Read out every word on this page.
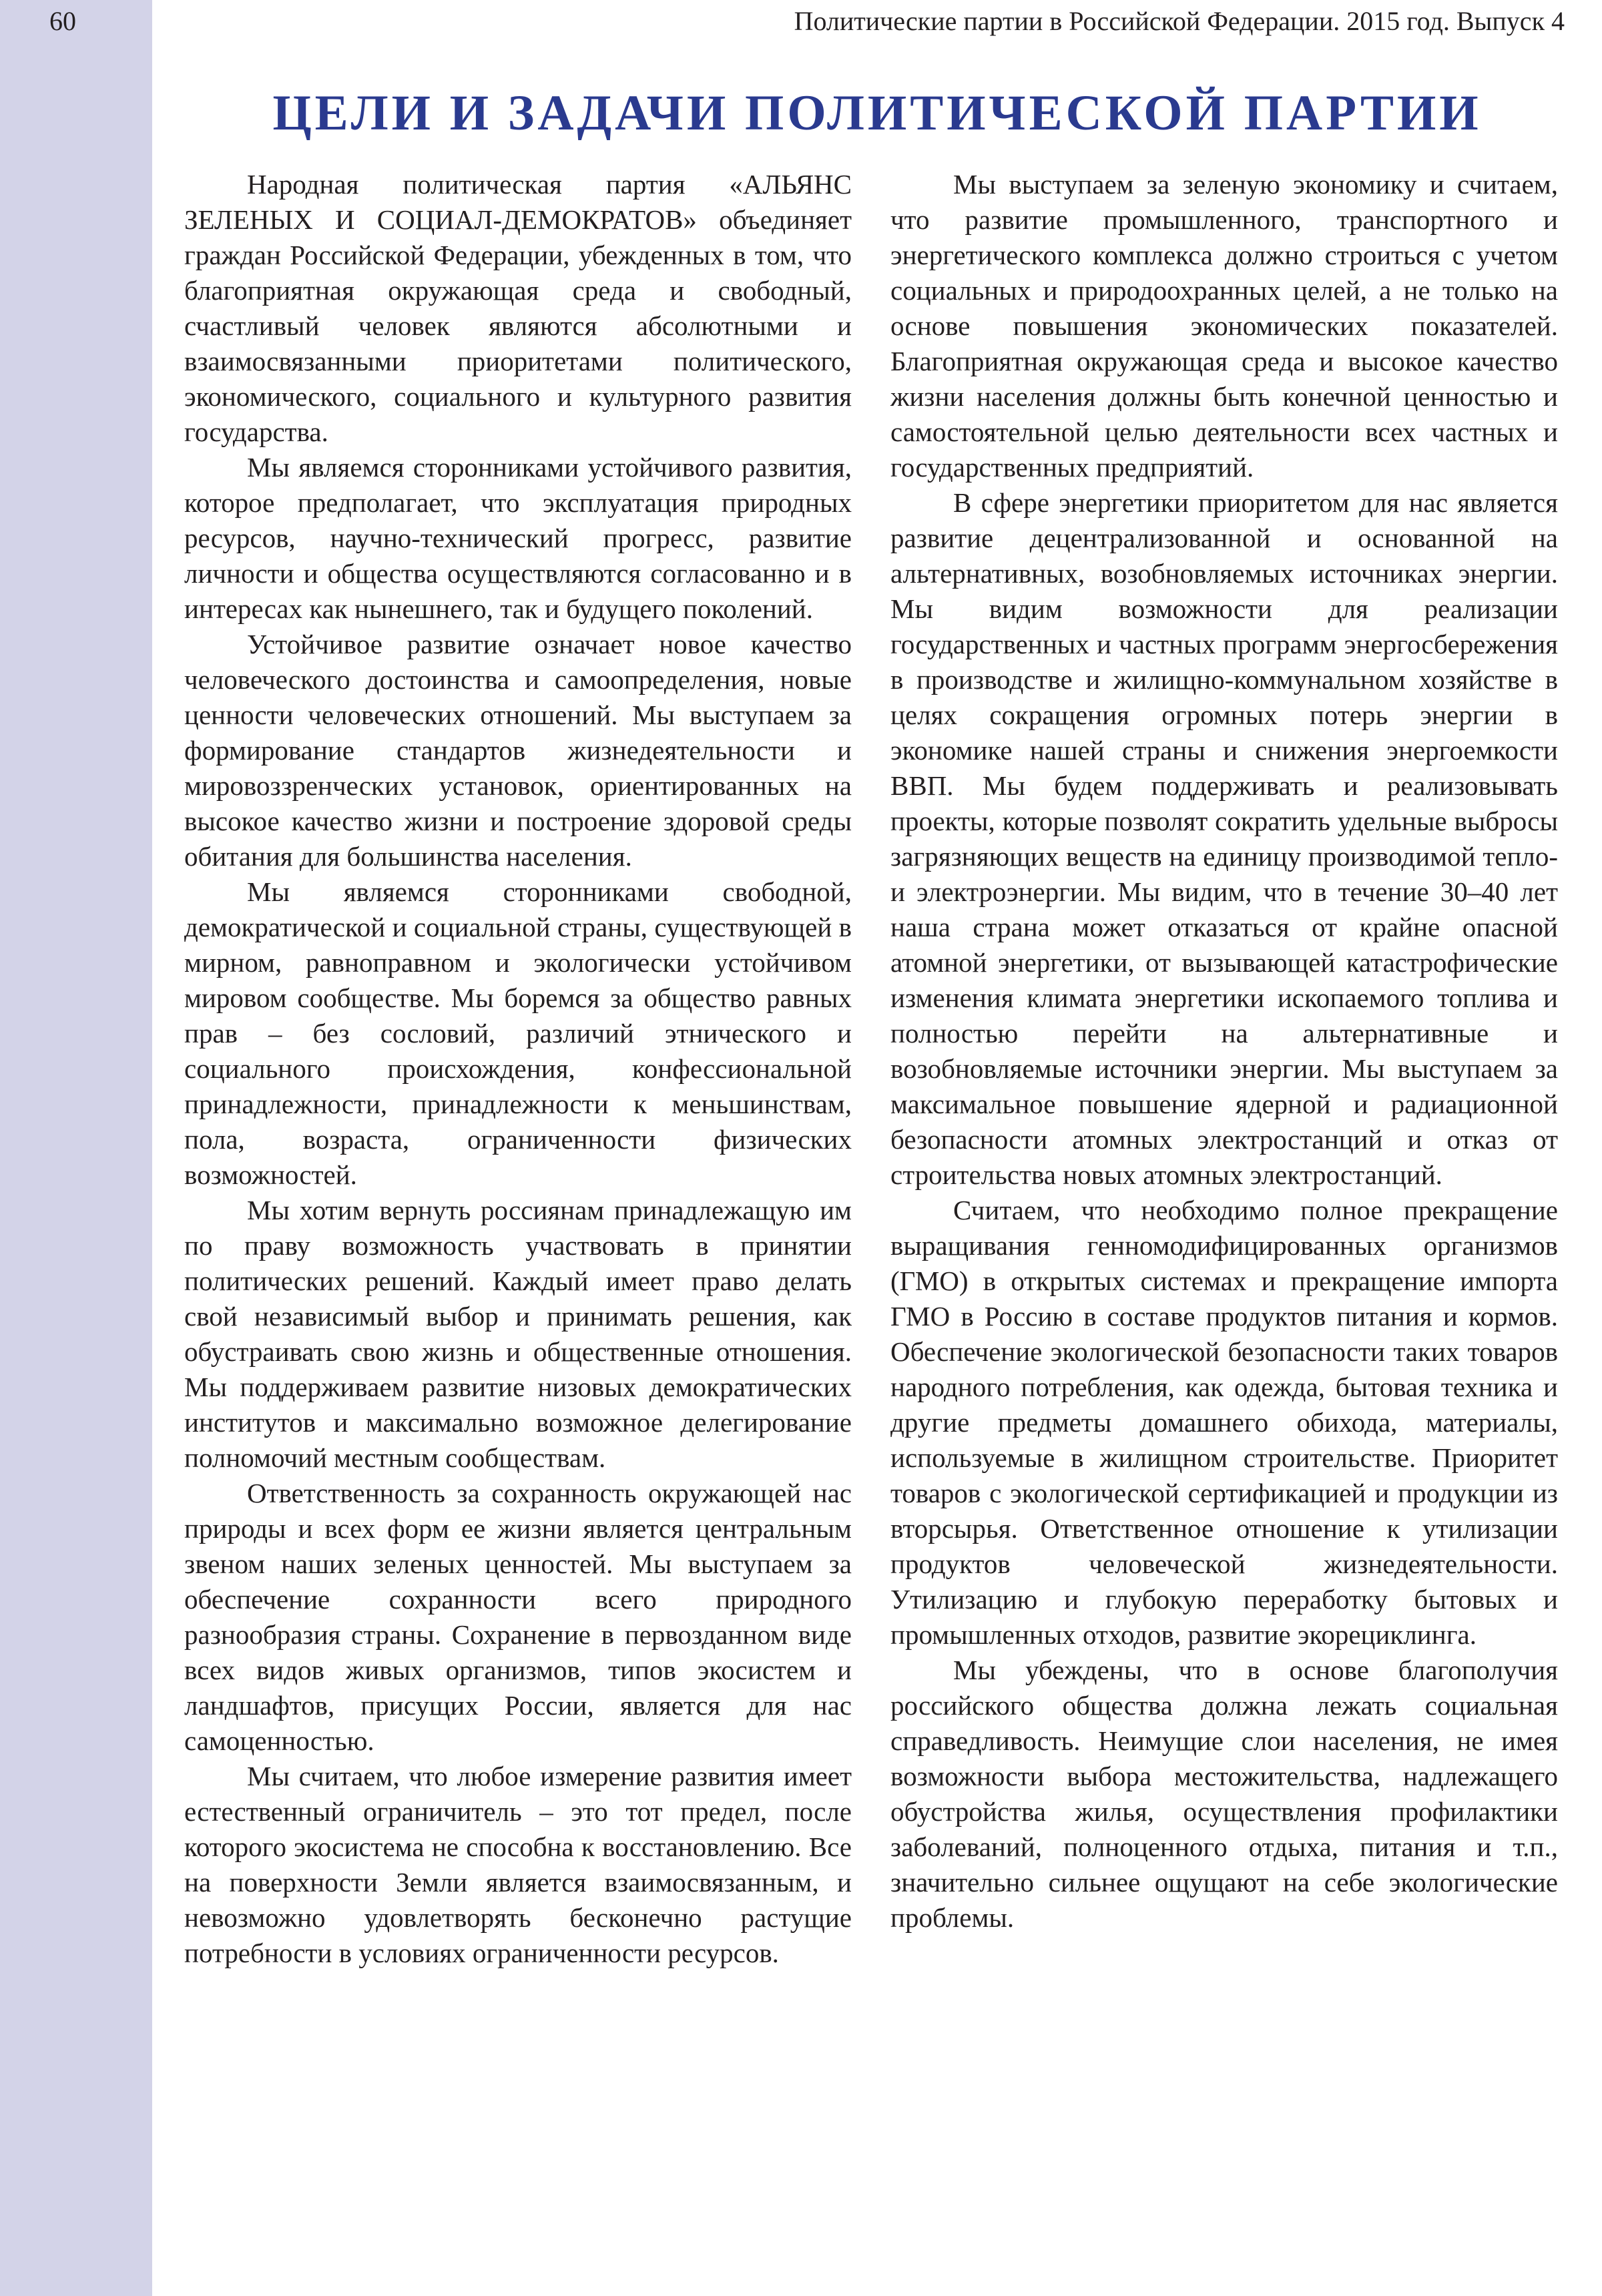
60	Политические партии в Российской Федерации. 2015 год. Выпуск 4
ЦЕЛИ И ЗАДАЧИ ПОЛИТИЧЕСКОЙ ПАРТИИ

Народная политическая партия «АЛЬЯНС ЗЕЛЕНЫХ И СОЦИАЛ-ДЕМОКРАТОВ» объединяет граждан Российской Федерации, убежденных в том, что благоприятная окружающая среда и свободный, счастливый человек являются абсолютными и взаимосвязанными приоритетами политического, экономического, социального и культурного развития государства.

Мы являемся сторонниками устойчивого развития, которое предполагает, что эксплуатация природных ресурсов, научно-технический прогресс, развитие личности и общества осуществляются согласованно и в интересах как нынешнего, так и будущего поколений.

Устойчивое развитие означает новое качество человеческого достоинства и самоопределения, новые ценности человеческих отношений. Мы выступаем за формирование стандартов жизнедеятельности и мировоззренческих установок, ориентированных на высокое качество жизни и построение здоровой среды обитания для большинства населения.

Мы являемся сторонниками свободной, демократической и социальной страны, существующей в мирном, равноправном и экологически устойчивом мировом сообществе. Мы боремся за общество равных прав – без сословий, различий этнического и социального происхождения, конфессиональной принадлежности, принадлежности к меньшинствам, пола, возраста, ограниченности физических возможностей.

Мы хотим вернуть россиянам принадлежащую им по праву возможность участвовать в принятии политических решений. Каждый имеет право делать свой независимый выбор и принимать решения, как обустраивать свою жизнь и общественные отношения. Мы поддерживаем развитие низовых демократических институтов и максимально возможное делегирование полномочий местным сообществам.

Ответственность за сохранность окружающей нас природы и всех форм ее жизни является центральным звеном наших зеленых ценностей. Мы выступаем за обеспечение сохранности всего природного разнообразия страны. Сохранение в первозданном виде всех видов живых организмов, типов экосистем и ландшафтов, присущих России, является для нас самоценностью.

Мы считаем, что любое измерение развития имеет естественный ограничитель – это тот предел, после которого экосистема не способна к восстановлению. Все на поверхности Земли является взаимосвязанным, и невозможно удовлетворять бесконечно растущие потребности в условиях ограниченности ресурсов.

Мы выступаем за зеленую экономику и считаем, что развитие промышленного, транспортного и энергетического комплекса должно строиться с учетом социальных и природоохранных целей, а не только на основе повышения экономических показателей. Благоприятная окружающая среда и высокое качество жизни населения должны быть конечной ценностью и самостоятельной целью деятельности всех частных и государственных предприятий.

В сфере энергетики приоритетом для нас является развитие децентрализованной и основанной на альтернативных, возобновляемых источниках энергии. Мы видим возможности для реализации государственных и частных программ энергосбережения в производстве и жилищно-коммунальном хозяйстве в целях сокращения огромных потерь энергии в экономике нашей страны и снижения энергоемкости ВВП. Мы будем поддерживать и реализовывать проекты, которые позволят сократить удельные выбросы загрязняющих веществ на единицу производимой тепло- и электроэнергии. Мы видим, что в течение 30–40 лет наша страна может отказаться от крайне опасной атомной энергетики, от вызывающей катастрофические изменения климата энергетики ископаемого топлива и полностью перейти на альтернативные и возобновляемые источники энергии. Мы выступаем за максимальное повышение ядерной и радиационной безопасности атомных электростанций и отказ от строительства новых атомных электростанций.

Считаем, что необходимо полное прекращение выращивания генномодифицированных организмов (ГМО) в открытых системах и прекращение импорта ГМО в Россию в составе продуктов питания и кормов. Обеспечение экологической безопасности таких товаров народного потребления, как одежда, бытовая техника и другие предметы домашнего обихода, материалы, используемые в жилищном строительстве. Приоритет товаров с экологической сертификацией и продукции из вторсырья. Ответственное отношение к утилизации продуктов человеческой жизнедеятельности. Утилизацию и глубокую переработку бытовых и промышленных отходов, развитие экорециклинга.

Мы убеждены, что в основе благополучия российского общества должна лежать социальная справедливость. Неимущие слои населения, не имея возможности выбора местожительства, надлежащего обустройства жилья, осуществления профилактики заболеваний, полноценного отдыха, питания и т.п., значительно сильнее ощущают на себе экологические проблемы.
